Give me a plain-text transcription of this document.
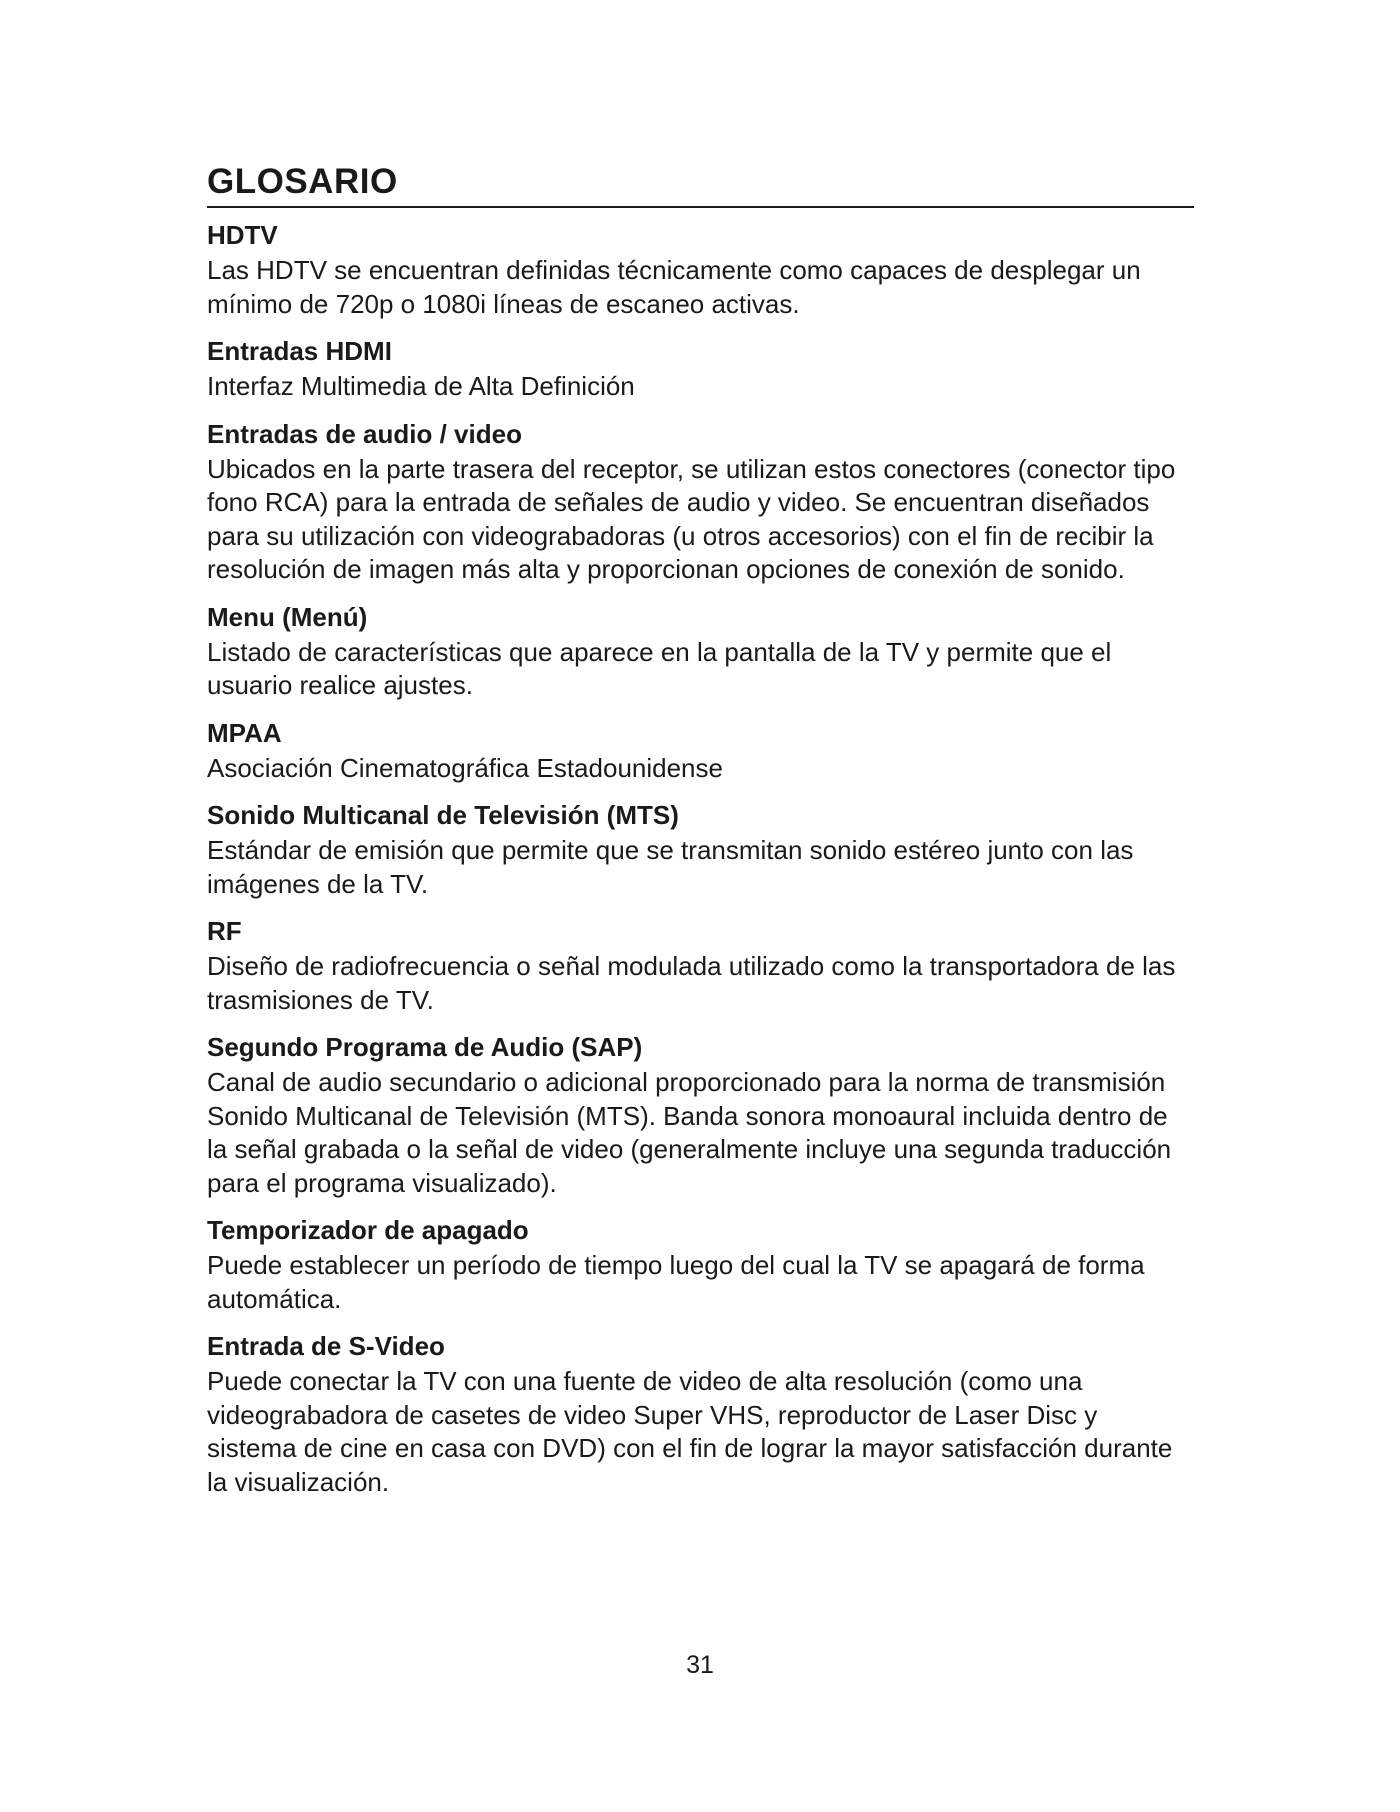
GLOSARIO

HDTV

Las HDTV se encuentran definidas técnicamente como capaces de desplegar un mínimo de 720p o 1080i líneas de escaneo activas.

Entradas HDMI

Interfaz Multimedia de Alta Definición

Entradas de audio / video

Ubicados en la parte trasera del receptor, se utilizan estos conectores (conector tipo fono RCA) para la entrada de señales de audio y video. Se encuentran diseñados para su utilización con videograbadoras (u otros accesorios) con el fin de recibir la resolución de imagen más alta y proporcionan opciones de conexión de sonido.

Menu (Menú)

Listado de características que aparece en la pantalla de la TV y permite que el usuario realice ajustes.

MPAA

Asociación Cinematográfica Estadounidense

Sonido Multicanal de Televisión (MTS)

Estándar de emisión que permite que se transmitan sonido estéreo junto con las imágenes de la TV.

RF

Diseño de radiofrecuencia o señal modulada utilizado como la transportadora de las trasmisiones de TV.

Segundo Programa de Audio (SAP)

Canal de audio secundario o adicional proporcionado para la norma de transmisión Sonido Multicanal de Televisión (MTS). Banda sonora monoaural incluida dentro de la señal grabada o la señal de video (generalmente incluye una segunda traducción para el programa visualizado).

Temporizador de apagado

Puede establecer un período de tiempo luego del cual la TV se apagará de forma automática.

Entrada de S-Video

Puede conectar la TV con una fuente de video de alta resolución (como una videograbadora de casetes de video Super VHS, reproductor de Laser Disc y sistema de cine en casa con DVD) con el fin de lograr la mayor satisfacción durante la visualización.

31
